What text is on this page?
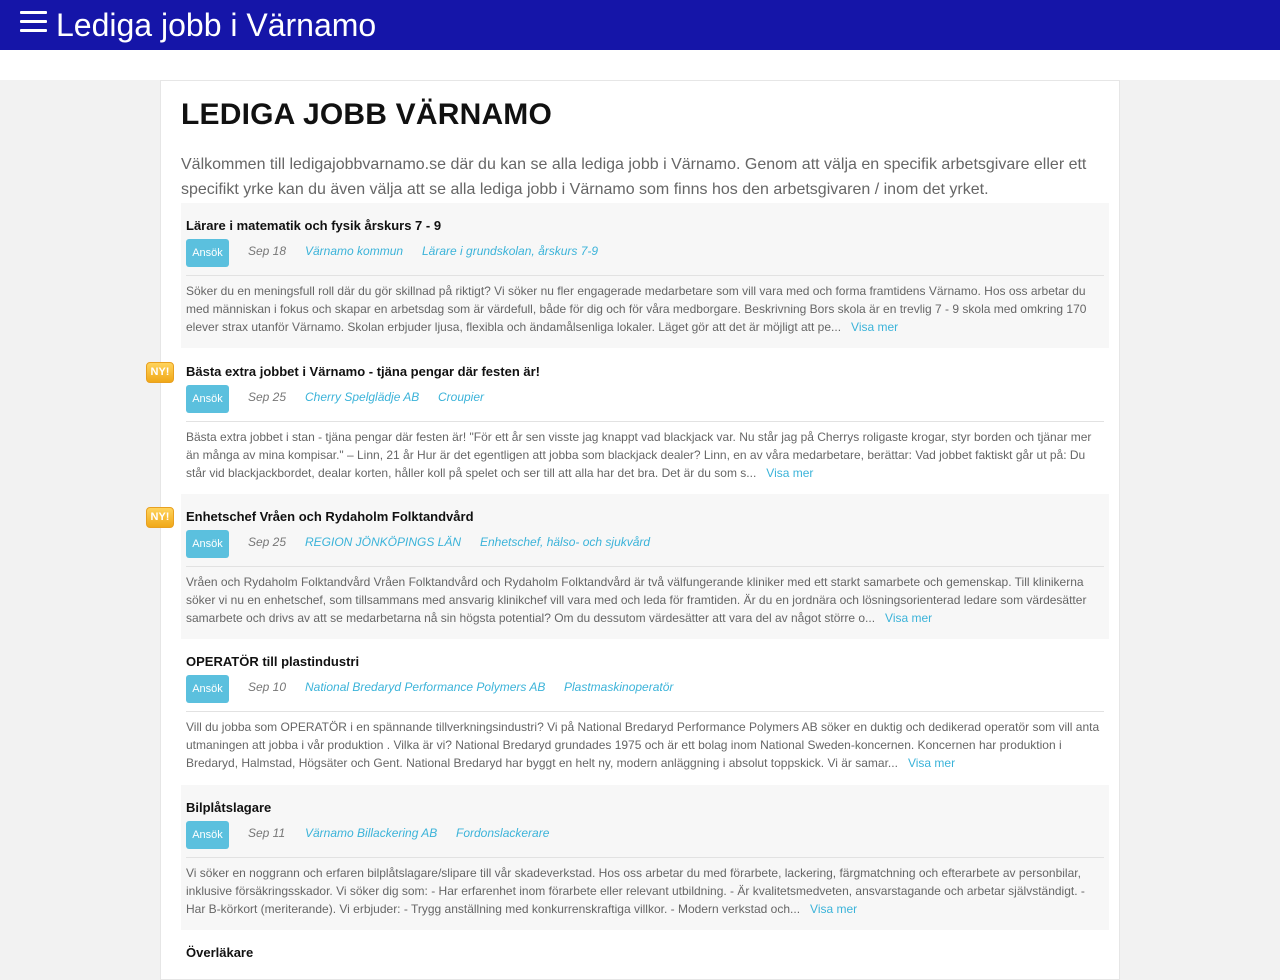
Lediga jobb i Värnamo
LEDIGA JOBB VÄRNAMO

Välkommen till ledigajobbvarnamo.se där du kan se alla lediga jobb i Värnamo. Genom att välja en specifik arbetsgivare eller ett specifikt yrke kan du även välja att se alla lediga jobb i Värnamo som finns hos den arbetsgivaren / inom det yrket.

Lärare i matematik och fysik årskurs 7 - 9
Ansök	Sep 18 Värnamo kommun Lärare i grundskolan, årskurs 7-9

Söker du en meningsfull roll där du gör skillnad på riktigt? Vi söker nu fler engagerade medarbetare som vill vara med och forma framtidens Värnamo. Hos oss arbetar du med människan i fokus och skapar en arbetsdag som är värdefull, både för dig och för våra medborgare. Beskrivning Bors skola är en trevlig 7 - 9 skola med omkring 170 elever strax utanför Värnamo. Skolan erbjuder ljusa, flexibla och ändamålsenliga lokaler. Läget gör att det är möjligt att pe... Visa mer

NY!	Bästa extra jobbet i Värnamo - tjäna pengar där festen är!
Ansök	Sep 25 Cherry Spelglädje AB Croupier

Bästa extra jobbet i stan - tjäna pengar där festen är! "För ett år sen visste jag knappt vad blackjack var. Nu står jag på Cherrys roligaste krogar, styr borden och tjänar mer än många av mina kompisar." – Linn, 21 år Hur är det egentligen att jobba som blackjack dealer? Linn, en av våra medarbetare, berättar: Vad jobbet faktiskt går ut på: Du står vid blackjackbordet, dealar korten, håller koll på spelet och ser till att alla har det bra. Det är du som s... Visa mer

NY!	Enhetschef Vråen och Rydaholm Folktandvård
Ansök	Sep 25 REGION JÖNKÖPINGS LÄN Enhetschef, hälso- och sjukvård

Vråen och Rydaholm Folktandvård Vråen Folktandvård och Rydaholm Folktandvård är två välfungerande kliniker med ett starkt samarbete och gemenskap. Till klinikerna söker vi nu en enhetschef, som tillsammans med ansvarig klinikchef vill vara med och leda för framtiden. Är du en jordnära och lösningsorienterad ledare som värdesätter samarbete och drivs av att se medarbetarna nå sin högsta potential? Om du dessutom värdesätter att vara del av något större o... Visa mer

OPERATÖR till plastindustri
Ansök	Sep 10 National Bredaryd Performance Polymers AB Plastmaskinoperatör

Vill du jobba som OPERATÖR i en spännande tillverkningsindustri? Vi på National Bredaryd Performance Polymers AB söker en duktig och dedikerad operatör som vill anta utmaningen att jobba i vår produktion . Vilka är vi? National Bredaryd grundades 1975 och är ett bolag inom National Sweden-koncernen. Koncernen har produktion i Bredaryd, Halmstad, Högsäter och Gent. National Bredaryd har byggt en helt ny, modern anläggning i absolut toppskick. Vi är samar... Visa mer

Bilplåtslagare
Ansök	Sep 11 Värnamo Billackering AB Fordonslackerare

Vi söker en noggrann och erfaren bilplåtslagare/slipare till vår skadeverkstad. Hos oss arbetar du med förarbete, lackering, färgmatchning och efterarbete av personbilar, inklusive försäkringsskador. Vi söker dig som: - Har erfarenhet inom förarbete eller relevant utbildning. - Är kvalitetsmedveten, ansvarstagande och arbetar självständigt. - Har B-körkort (meriterande). Vi erbjuder: - Trygg anställning med konkurrenskraftiga villkor. - Modern verkstad och... Visa mer

Överläkare
